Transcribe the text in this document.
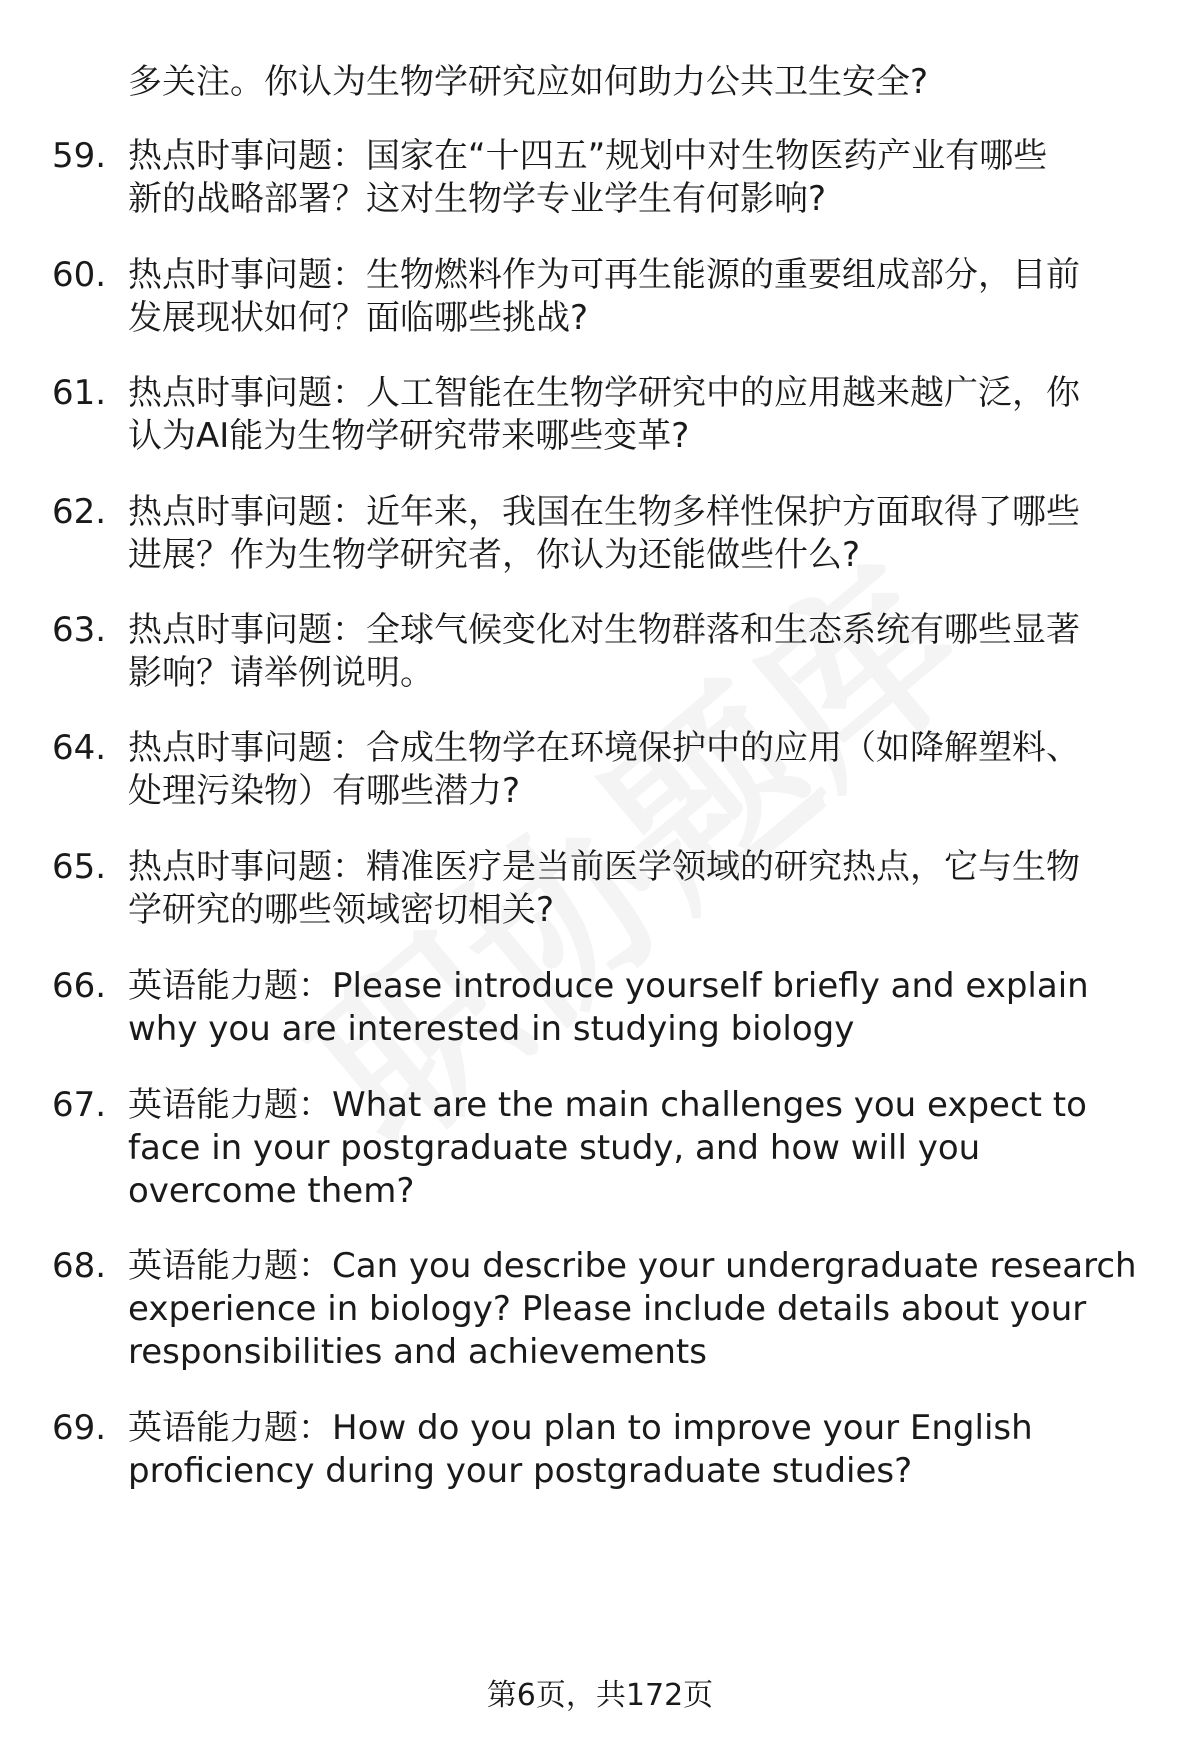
多关注。你认为生物学研究应如何助力公共卫生安全?
59. 热点时事问题：国家在“十四五”规划中对生物医药产业有哪些
新的战略部署？这对生物学专业学生有何影响?
60. 热点时事问题：生物燃料作为可再生能源的重要组成部分，目前
发展现状如何？面临哪些挑战?
61. 热点时事问题：人工智能在生物学研究中的应用越来越广泛，你
认为AI能为生物学研究带来哪些变革?
62. 热点时事问题：近年来，我国在生物多样性保护方面取得了哪些
进展？作为生物学研究者，你认为还能做些什么?
63. 热点时事问题：全球气候变化对生物群落和生态系统有哪些显著
影响？请举例说明。
64. 热点时事问题：合成生物学在环境保护中的应用（如降解塑料、
处理污染物）有哪些潜力?
65. 热点时事问题：精准医疗是当前医学领域的研究热点，它与生物
学研究的哪些领域密切相关?
66. 英语能力题：Please introduce yourself briefly and explain
why you are interested in studying biology
67. 英语能力题：What are the main challenges you expect to
face in your postgraduate study, and how will you
overcome them?
68. 英语能力题：Can you describe your undergraduate research
experience in biology? Please include details about your
responsibilities and achievements
69. 英语能力题：How do you plan to improve your English
proficiency during your postgraduate studies?
第6页，共172页
